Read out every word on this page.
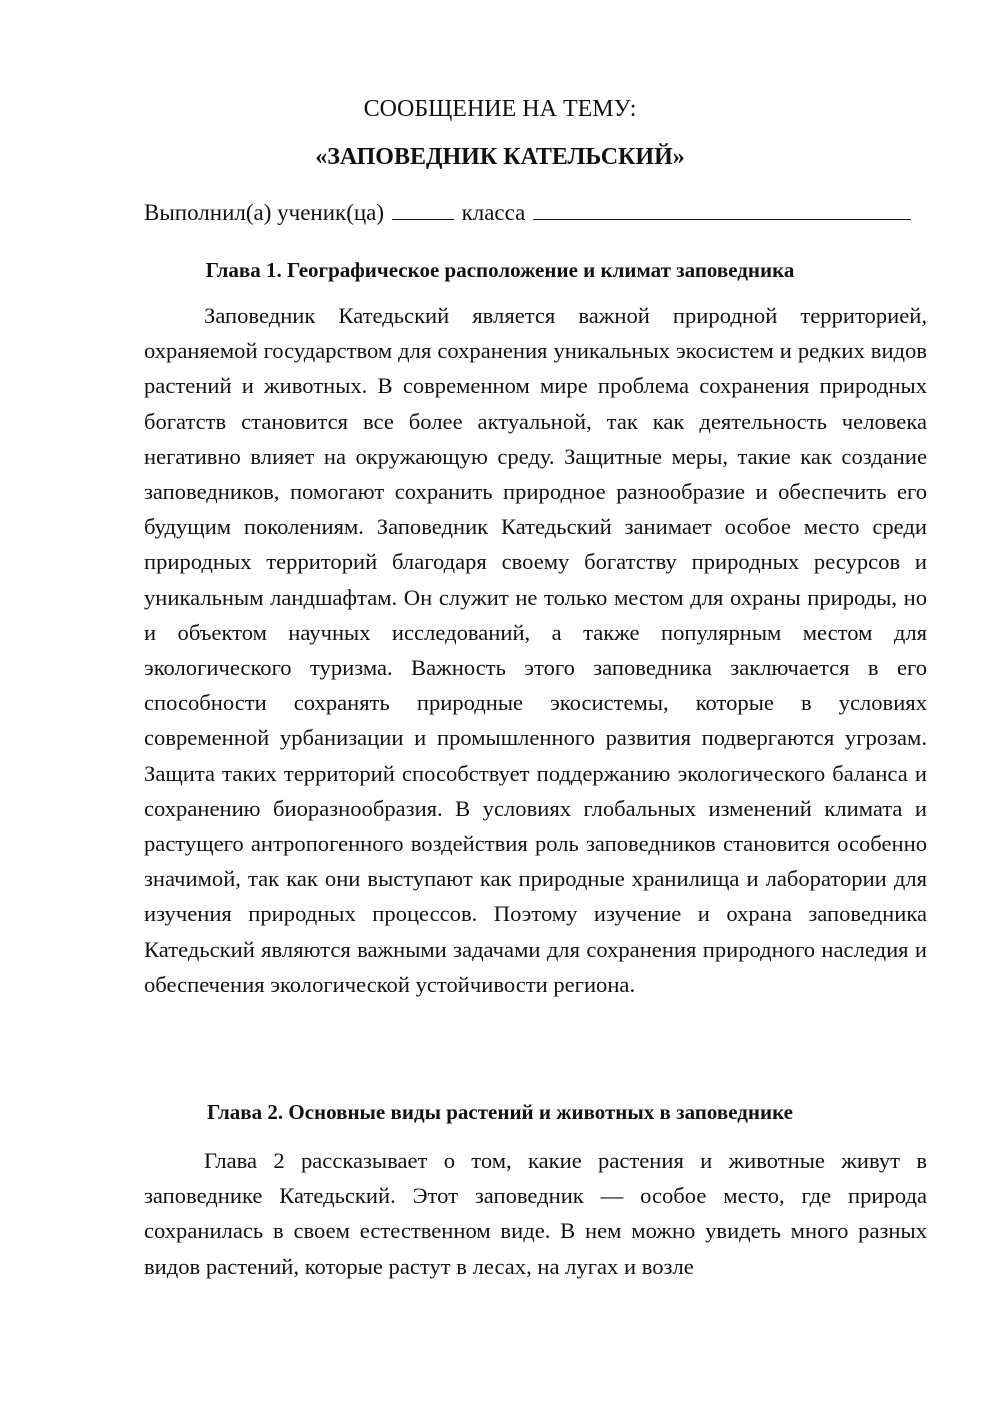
СООБЩЕНИЕ НА ТЕМУ:
«ЗАПОВЕДНИК КАТЕЛЬСКИЙ»
Выполнил(а) ученик(ца)	класса
Глава 1. Географическое расположение и климат заповедника

Заповедник Катедьский является важной природной территорией, охраняемой государством для сохранения уникальных экосистем и редких видов растений и животных. В современном мире проблема сохранения природных богатств становится все более актуальной, так как деятельность человека негативно влияет на окружающую среду. Защитные меры, такие как создание заповедников, помогают сохранить природное разнообразие и обеспечить его будущим поколениям. Заповедник Катедьский занимает особое место среди природных территорий благодаря своему богатству природных ресурсов и уникальным ландшафтам. Он служит не только местом для охраны природы, но и объектом научных исследований, а также популярным местом для экологического туризма. Важность этого заповедника заключается в его способности сохранять природные экосистемы, которые в условиях современной урбанизации и промышленного развития подвергаются угрозам. Защита таких территорий способствует поддержанию экологического баланса и сохранению биоразнообразия. В условиях глобальных изменений климата и растущего антропогенного воздействия роль заповедников становится особенно значимой, так как они выступают как природные хранилища и лаборатории для изучения природных процессов. Поэтому изучение и охрана заповедника Катедьский являются важными задачами для сохранения природного наследия и обеспечения экологической устойчивости региона.

Глава 2. Основные виды растений и животных в заповеднике

Глава 2 рассказывает о том, какие растения и животные живут в заповеднике Катедьский. Этот заповедник — особое место, где природа сохранилась в своем естественном виде. В нем можно увидеть много разных видов растений, которые растут в лесах, на лугах и возле
